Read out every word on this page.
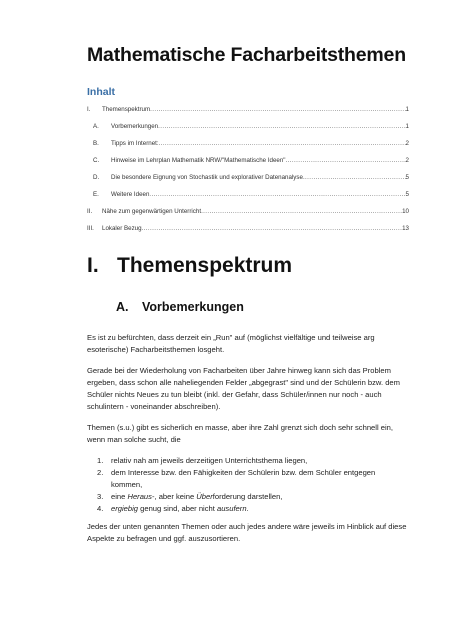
Mathematische Facharbeitsthemen
Inhalt
I.	Themenspektrum .....	1
A.	Vorbemerkungen .....	1
B.	Tipps im Internet: .....	2
C.	Hinweise im Lehrplan Mathematik NRW/"Mathematische Ideen" .....	2
D.	Die besondere Eignung von Stochastik und explorativer Datenanalyse .....	5
E.	Weitere Ideen .....	5
II.	Nähe zum gegenwärtigen Unterricht .....	10
III.	Lokaler Bezug .....	13
I. Themenspektrum
A. Vorbemerkungen
Es ist zu befürchten, dass derzeit ein „Run" auf (möglichst vielfältige und teilweise arg esoterische) Facharbeitsthemen losgeht.
Gerade bei der Wiederholung von Facharbeiten über Jahre hinweg kann sich das Problem ergeben, dass schon alle naheliegenden Felder „abgegrast" sind und der Schülerin bzw. dem Schüler nichts Neues zu tun bleibt (inkl. der Gefahr, dass Schüler/innen nur noch - auch schulintern - voneinander abschreiben).
Themen (s.u.) gibt es sicherlich en masse, aber ihre Zahl grenzt sich doch sehr schnell ein, wenn man solche sucht, die
1. relativ nah am jeweils derzeitigen Unterrichtsthema liegen,
2. dem Interesse bzw. den Fähigkeiten der Schülerin bzw. dem Schüler entgegen kommen,
3. eine Heraus-, aber keine Überforderung darstellen,
4. ergiebig genug sind, aber nicht ausufern.
Jedes der unten genannten Themen oder auch jedes andere wäre jeweils im Hinblick auf diese Aspekte zu befragen und ggf. auszusortieren.
